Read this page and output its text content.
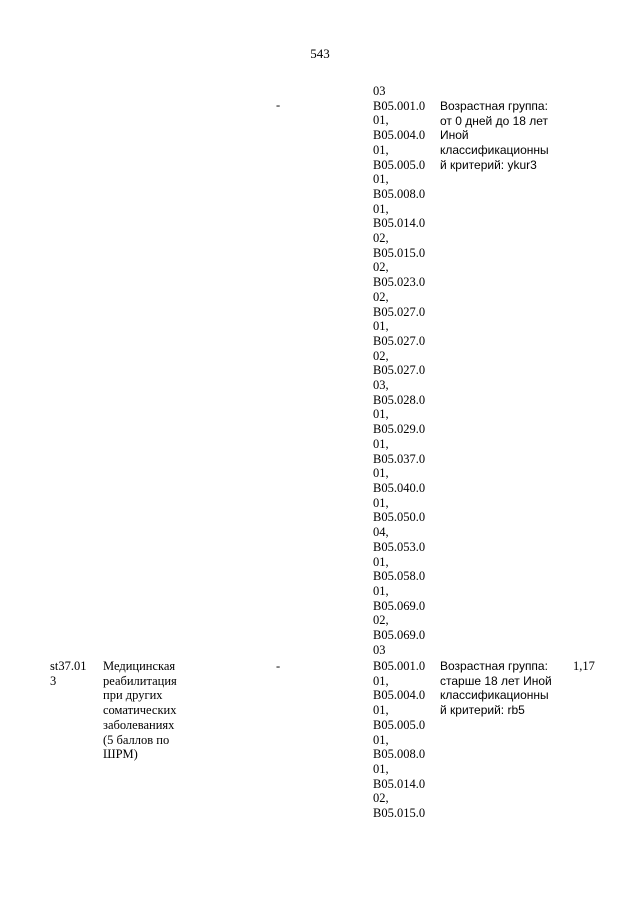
543
-
03
B05.001.0
01,
B05.004.0
01,
B05.005.0
01,
B05.008.0
01,
B05.014.0
02,
B05.015.0
02,
B05.023.0
02,
B05.027.0
01,
B05.027.0
02,
B05.027.0
03,
B05.028.0
01,
B05.029.0
01,
B05.037.0
01,
B05.040.0
01,
B05.050.0
04,
B05.053.0
01,
B05.058.0
01,
B05.069.0
02,
B05.069.0
03
Возрастная группа:
от 0 дней до 18 лет
Иной
классификационны
й критерий: ykur3
st37.01
3
Медицинская
реабилитация
при других
соматических
заболеваниях
(5 баллов по
ШРМ)
-	B05.001.0
01,
B05.004.0
01,
B05.005.0
01,
B05.008.0
01,
B05.014.0
02,
B05.015.0
Возрастная группа:
старше 18 лет Иной
классификационны
й критерий: rb5
1,17
